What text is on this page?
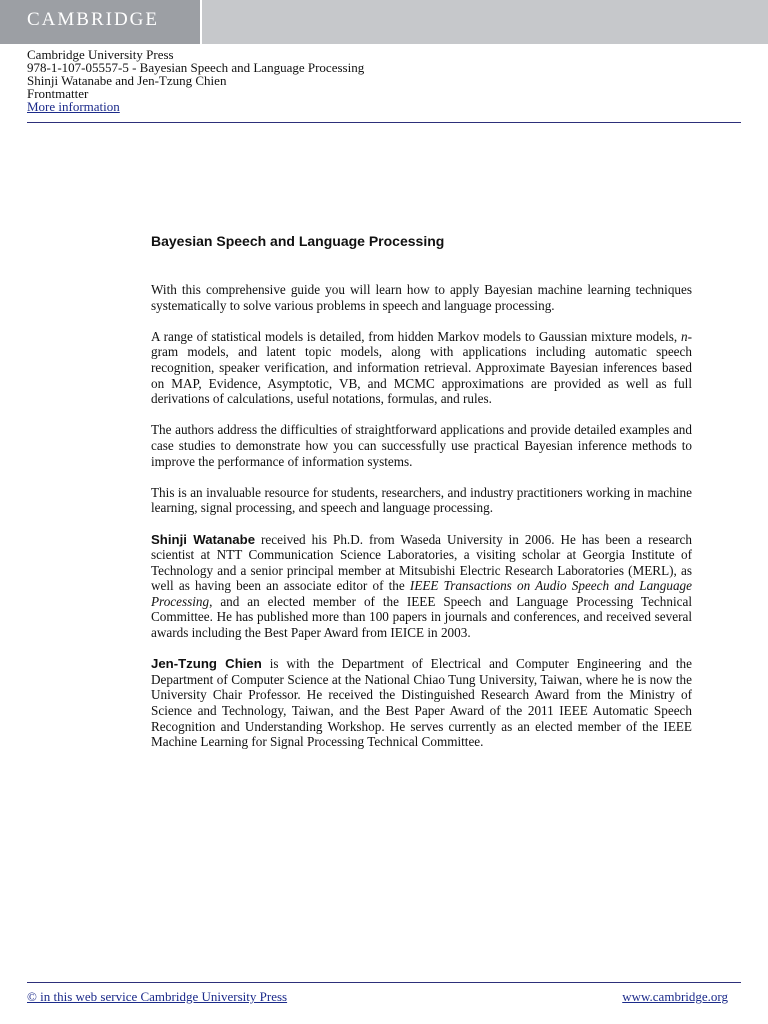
CAMBRIDGE
Cambridge University Press
978-1-107-05557-5 - Bayesian Speech and Language Processing
Shinji Watanabe and Jen-Tzung Chien
Frontmatter
More information
Bayesian Speech and Language Processing

With this comprehensive guide you will learn how to apply Bayesian machine learning techniques systematically to solve various problems in speech and language processing.

A range of statistical models is detailed, from hidden Markov models to Gaussian mixture models, n-gram models, and latent topic models, along with applications including automatic speech recognition, speaker verification, and information retrieval. Approximate Bayesian inferences based on MAP, Evidence, Asymptotic, VB, and MCMC approximations are provided as well as full derivations of calculations, useful notations, formulas, and rules.

The authors address the difficulties of straightforward applications and provide detailed examples and case studies to demonstrate how you can successfully use practical Bayesian inference methods to improve the performance of information systems.

This is an invaluable resource for students, researchers, and industry practitioners working in machine learning, signal processing, and speech and language processing.

Shinji Watanabe received his Ph.D. from Waseda University in 2006. He has been a research scientist at NTT Communication Science Laboratories, a visiting scholar at Georgia Institute of Technology and a senior principal member at Mitsubishi Electric Research Laboratories (MERL), as well as having been an associate editor of the IEEE Transactions on Audio Speech and Language Processing, and an elected member of the IEEE Speech and Language Processing Technical Committee. He has published more than 100 papers in journals and conferences, and received several awards including the Best Paper Award from IEICE in 2003.

Jen-Tzung Chien is with the Department of Electrical and Computer Engineering and the Department of Computer Science at the National Chiao Tung University, Taiwan, where he is now the University Chair Professor. He received the Distinguished Research Award from the Ministry of Science and Technology, Taiwan, and the Best Paper Award of the 2011 IEEE Automatic Speech Recognition and Understanding Workshop. He serves currently as an elected member of the IEEE Machine Learning for Signal Processing Technical Committee.

© in this web service Cambridge University Press	www.cambridge.org
